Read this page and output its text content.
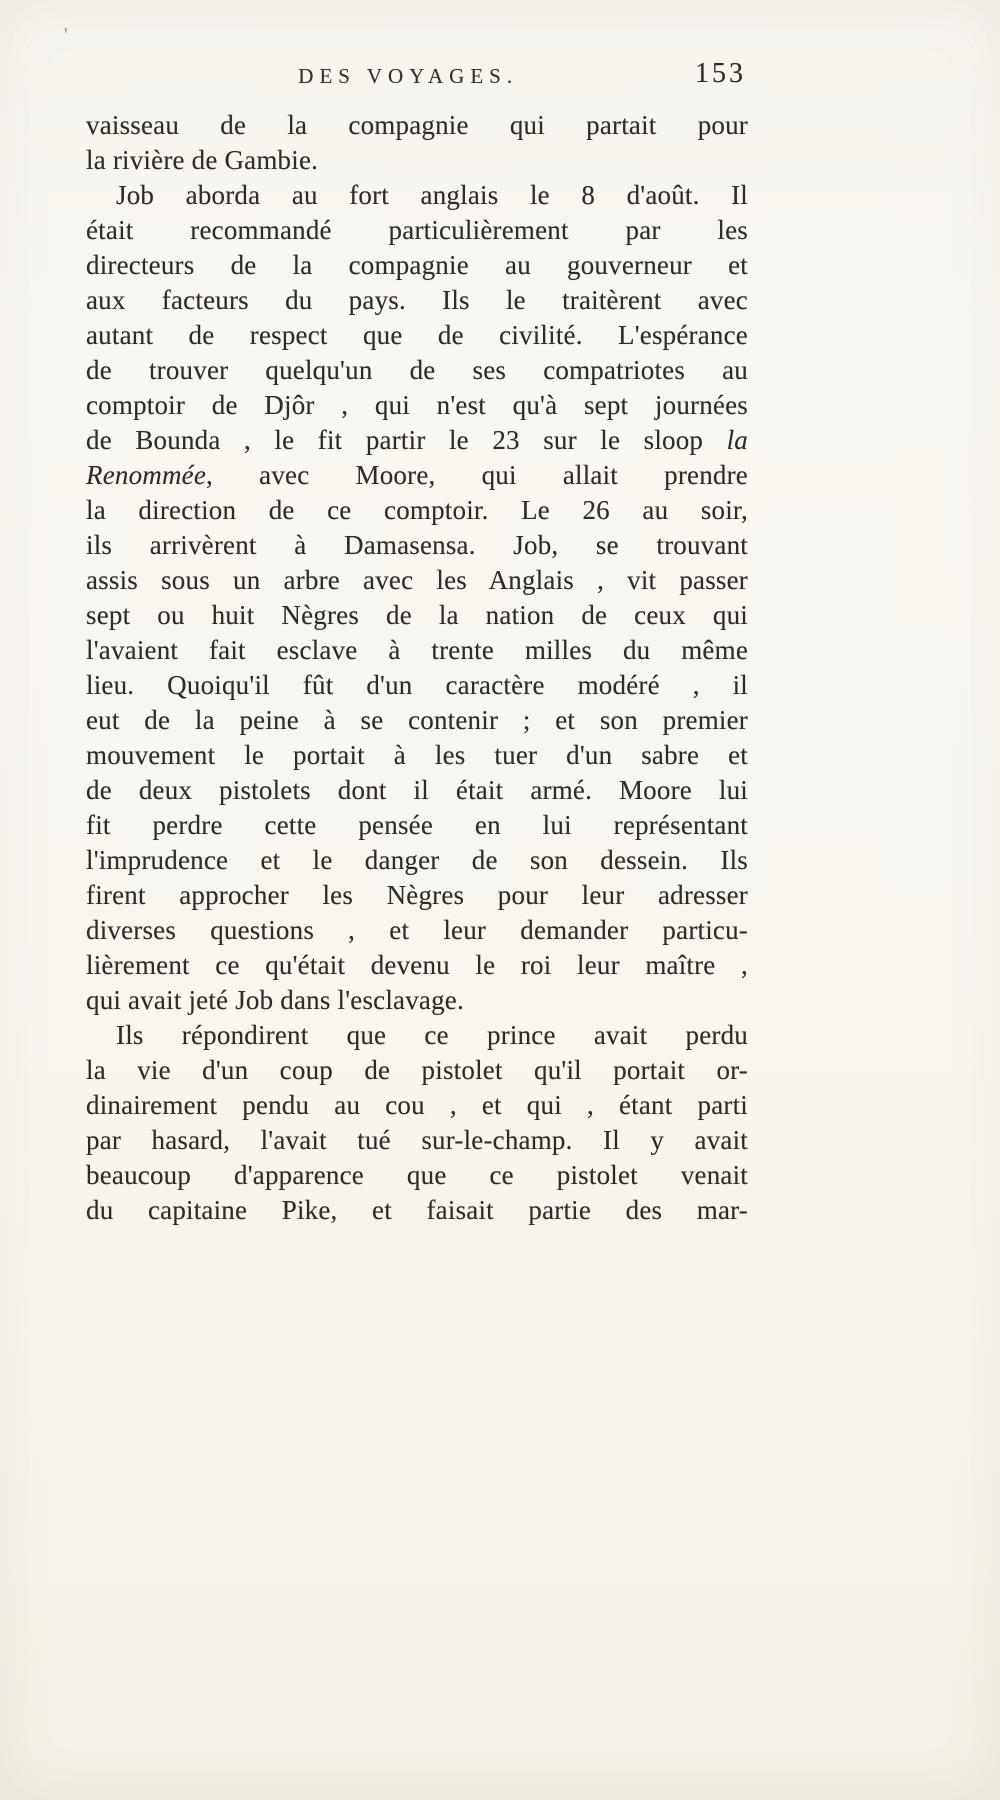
'
DES VOYAGES.	153
vaisseau de la compagnie qui partait pour
la rivière de Gambie.
Job aborda au fort anglais le 8 d'août. Il
était recommandé particulièrement par les
directeurs de la compagnie au gouverneur et
aux facteurs du pays. Ils le traitèrent avec
autant de respect que de civilité. L'espérance
de trouver quelqu'un de ses compatriotes au
comptoir de Djôr , qui n'est qu'à sept journées
de Bounda , le fit partir le 23 sur le sloop la
Renommée, avec Moore, qui allait prendre
la direction de ce comptoir. Le 26 au soir,
ils arrivèrent à Damasensa. Job, se trouvant
assis sous un arbre avec les Anglais , vit passer
sept ou huit Nègres de la nation de ceux qui
l'avaient fait esclave à trente milles du même
lieu. Quoiqu'il fût d'un caractère modéré , il
eut de la peine à se contenir ; et son premier
mouvement le portait à les tuer d'un sabre et
de deux pistolets dont il était armé. Moore lui
fit perdre cette pensée en lui représentant
l'imprudence et le danger de son dessein. Ils
firent approcher les Nègres pour leur adresser
diverses questions , et leur demander particu-
lièrement ce qu'était devenu le roi leur maître ,
qui avait jeté Job dans l'esclavage.
Ils répondirent que ce prince avait perdu
la vie d'un coup de pistolet qu'il portait or-
dinairement pendu au cou , et qui , étant parti
par hasard, l'avait tué sur-le-champ. Il y avait
beaucoup d'apparence que ce pistolet venait
du capitaine Pike, et faisait partie des mar-
